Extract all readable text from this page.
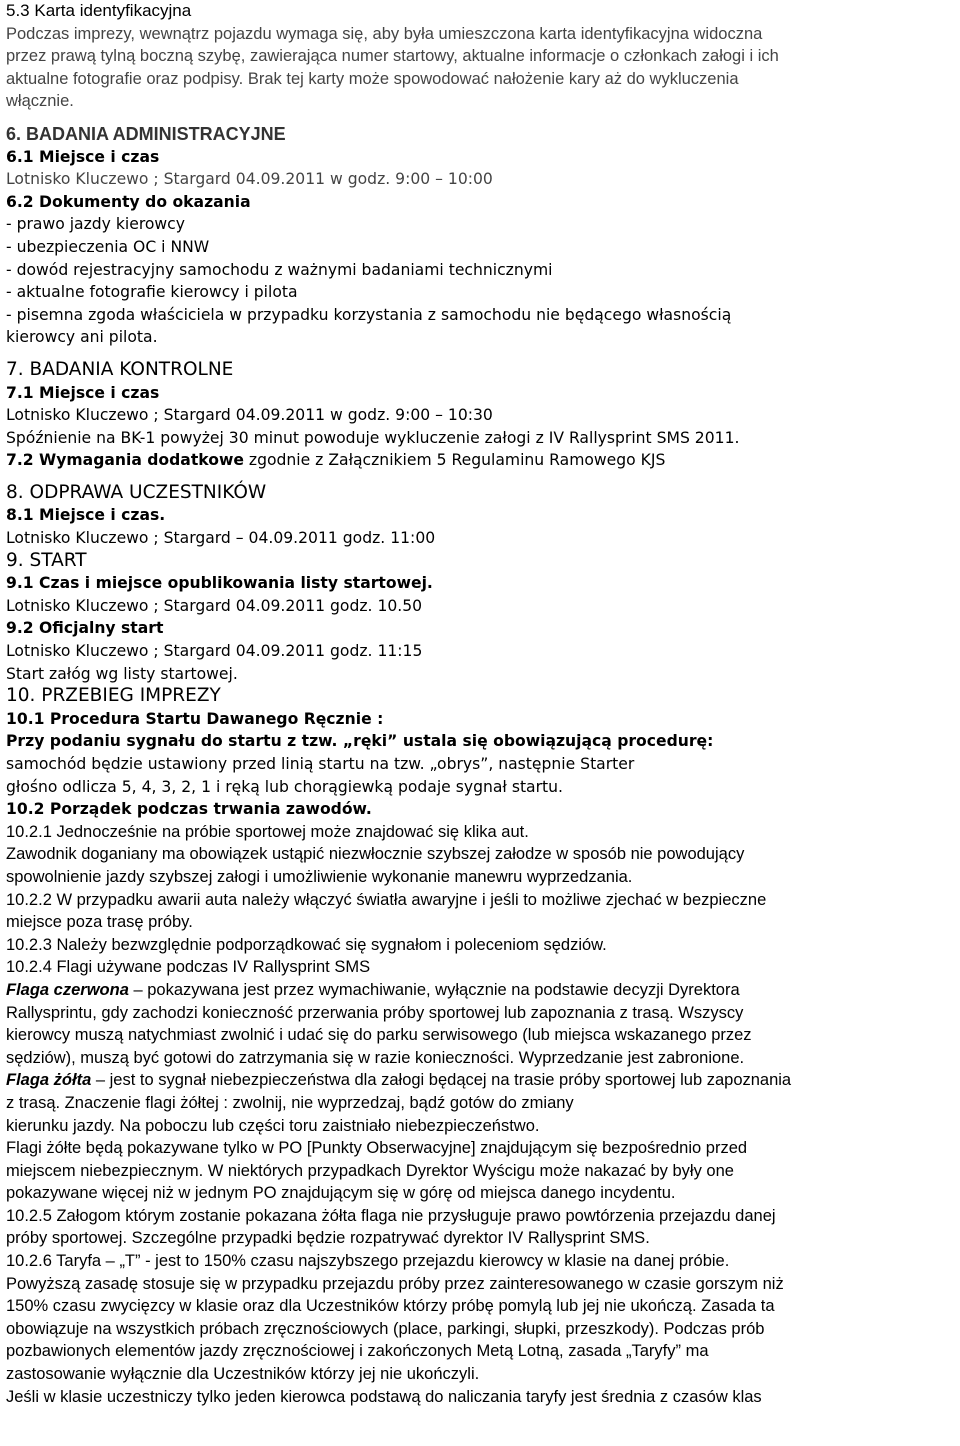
5.3 Karta identyfikacyjna
Podczas imprezy, wewnątrz pojazdu wymaga się, aby była umieszczona karta identyfikacyjna widoczna
przez prawą tylną boczną szybę, zawierająca numer startowy, aktualne informacje o członkach załogi i ich
aktualne fotografie oraz podpisy. Brak tej karty może spowodować nałożenie kary aż do wykluczenia
włącznie.
6. BADANIA ADMINISTRACYJNE
6.1 Miejsce i czas
Lotnisko Kluczewo ; Stargard 04.09.2011 w godz. 9:00 – 10:00
6.2 Dokumenty do okazania
- prawo jazdy kierowcy
- ubezpieczenia OC i NNW
- dowód rejestracyjny samochodu z ważnymi badaniami technicznymi
- aktualne fotografie kierowcy i pilota
- pisemna zgoda właściciela w przypadku korzystania z samochodu nie będącego własnością
kierowcy ani pilota.
7. BADANIA KONTROLNE
7.1 Miejsce i czas
Lotnisko Kluczewo ; Stargard 04.09.2011 w godz. 9:00 – 10:30
Spóźnienie na BK-1 powyżej 30 minut powoduje wykluczenie załogi z IV Rallysprint SMS 2011.
7.2 Wymagania dodatkowe zgodnie z Załącznikiem 5 Regulaminu Ramowego KJS
8. ODPRAWA UCZESTNIKÓW
8.1 Miejsce i czas.
Lotnisko Kluczewo ; Stargard – 04.09.2011 godz. 11:00
9. START
9.1 Czas i miejsce opublikowania listy startowej.
Lotnisko Kluczewo ; Stargard 04.09.2011 godz. 10.50
9.2 Oficjalny start
Lotnisko Kluczewo ; Stargard 04.09.2011 godz. 11:15
Start załóg wg listy startowej.
10. PRZEBIEG IMPREZY
10.1 Procedura Startu Dawanego Ręcznie :
Przy podaniu sygnału do startu z tzw. „ręki” ustala się obowiązującą procedurę:
samochód będzie ustawiony przed linią startu na tzw. „obrys”, następnie Starter
głośno odlicza 5, 4, 3, 2, 1 i ręką lub chorągiewką podaje sygnał startu.
10.2 Porządek podczas trwania zawodów.
10.2.1 Jednocześnie na próbie sportowej może znajdować się klika aut.
Zawodnik doganiany ma obowiązek ustąpić niezwłocznie szybszej załodze w sposób nie powodujący
spowolnienie jazdy szybszej załogi i umożliwienie wykonanie manewru wyprzedzania.
10.2.2 W przypadku awarii auta należy włączyć światła awaryjne i jeśli to możliwe zjechać w bezpieczne
miejsce poza trasę próby.
10.2.3 Należy bezwzględnie podporządkować się sygnałom i poleceniom sędziów.
10.2.4 Flagi używane podczas IV Rallysprint SMS
Flaga czerwona – pokazywana jest przez wymachiwanie, wyłącznie na podstawie decyzji Dyrektora
Rallysprintu, gdy zachodzi konieczność przerwania próby sportowej lub zapoznania z trasą. Wszyscy
kierowcy muszą natychmiast zwolnić i udać się do parku serwisowego (lub miejsca wskazanego przez
sędziów), muszą być gotowi do zatrzymania się w razie konieczności. Wyprzedzanie jest zabronione.
Flaga żółta – jest to sygnał niebezpieczeństwa dla załogi będącej na trasie próby sportowej lub zapoznania
z trasą. Znaczenie flagi żółtej : zwolnij, nie wyprzedzaj, bądź gotów do zmiany
kierunku jazdy. Na poboczu lub części toru zaistniało niebezpieczeństwo.
Flagi żółte będą pokazywane tylko w PO [Punkty Obserwacyjne] znajdującym się bezpośrednio przed
miejscem niebezpiecznym. W niektórych przypadkach Dyrektor Wyścigu może nakazać by były one
pokazywane więcej niż w jednym PO znajdującym się w górę od miejsca danego incydentu.
10.2.5 Załogom którym zostanie pokazana żółta flaga nie przysługuje prawo powtórzenia przejazdu danej
próby sportowej. Szczególne przypadki będzie rozpatrywać dyrektor IV Rallysprint SMS.
10.2.6 Taryfa – „T” - jest to 150% czasu najszybszego przejazdu kierowcy w klasie na danej próbie.
Powyższą zasadę stosuje się w przypadku przejazdu próby przez zainteresowanego w czasie gorszym niż
150% czasu zwycięzcy w klasie oraz dla Uczestników którzy próbę pomylą lub jej nie ukończą. Zasada ta
obowiązuje na wszystkich próbach zręcznościowych (place, parkingi, słupki, przeszkody). Podczas prób
pozbawionych elementów jazdy zręcznościowej i zakończonych Metą Lotną, zasada „Taryfy” ma
zastosowanie wyłącznie dla Uczestników którzy jej nie ukończyli.
Jeśli w klasie uczestniczy tylko jeden kierowca podstawą do naliczania taryfy jest średnia z czasów klas
